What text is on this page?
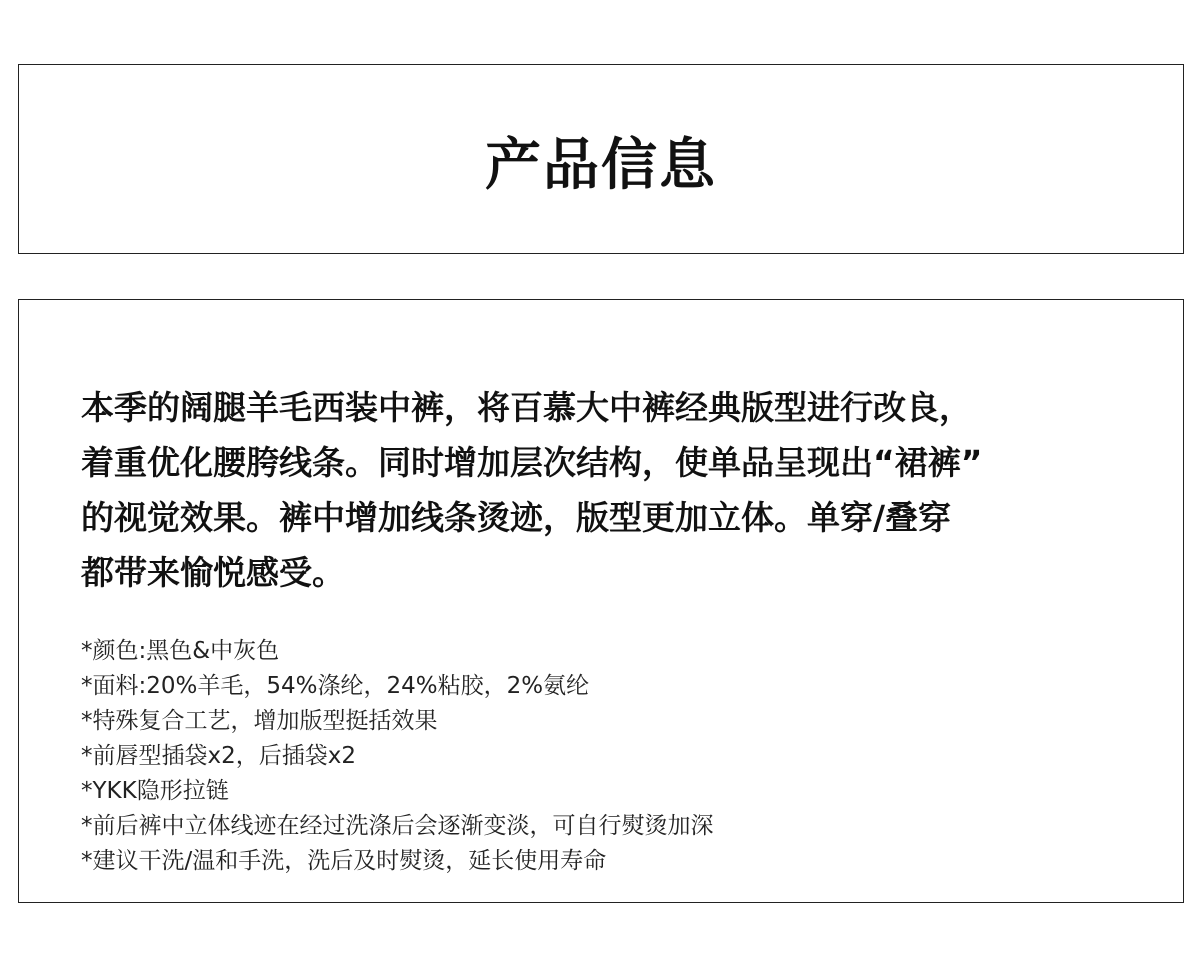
产品信息
本季的阔腿羊毛西装中裤，将百慕大中裤经典版型进行改良，
着重优化腰胯线条。同时增加层次结构，使单品呈现出“裙裤”
的视觉效果。裤中增加线条烫迹，版型更加立体。单穿/叠穿
都带来愉悦感受。
*颜色:黑色&中灰色
*面料:20%羊毛，54%涤纶，24%粘胶，2%氨纶
*特殊复合工艺，增加版型挺括效果
*前唇型插袋x2，后插袋x2
*YKK隐形拉链
*前后裤中立体线迹在经过洗涤后会逐渐变淡，可自行熨烫加深
*建议干洗/温和手洗，洗后及时熨烫，延长使用寿命
